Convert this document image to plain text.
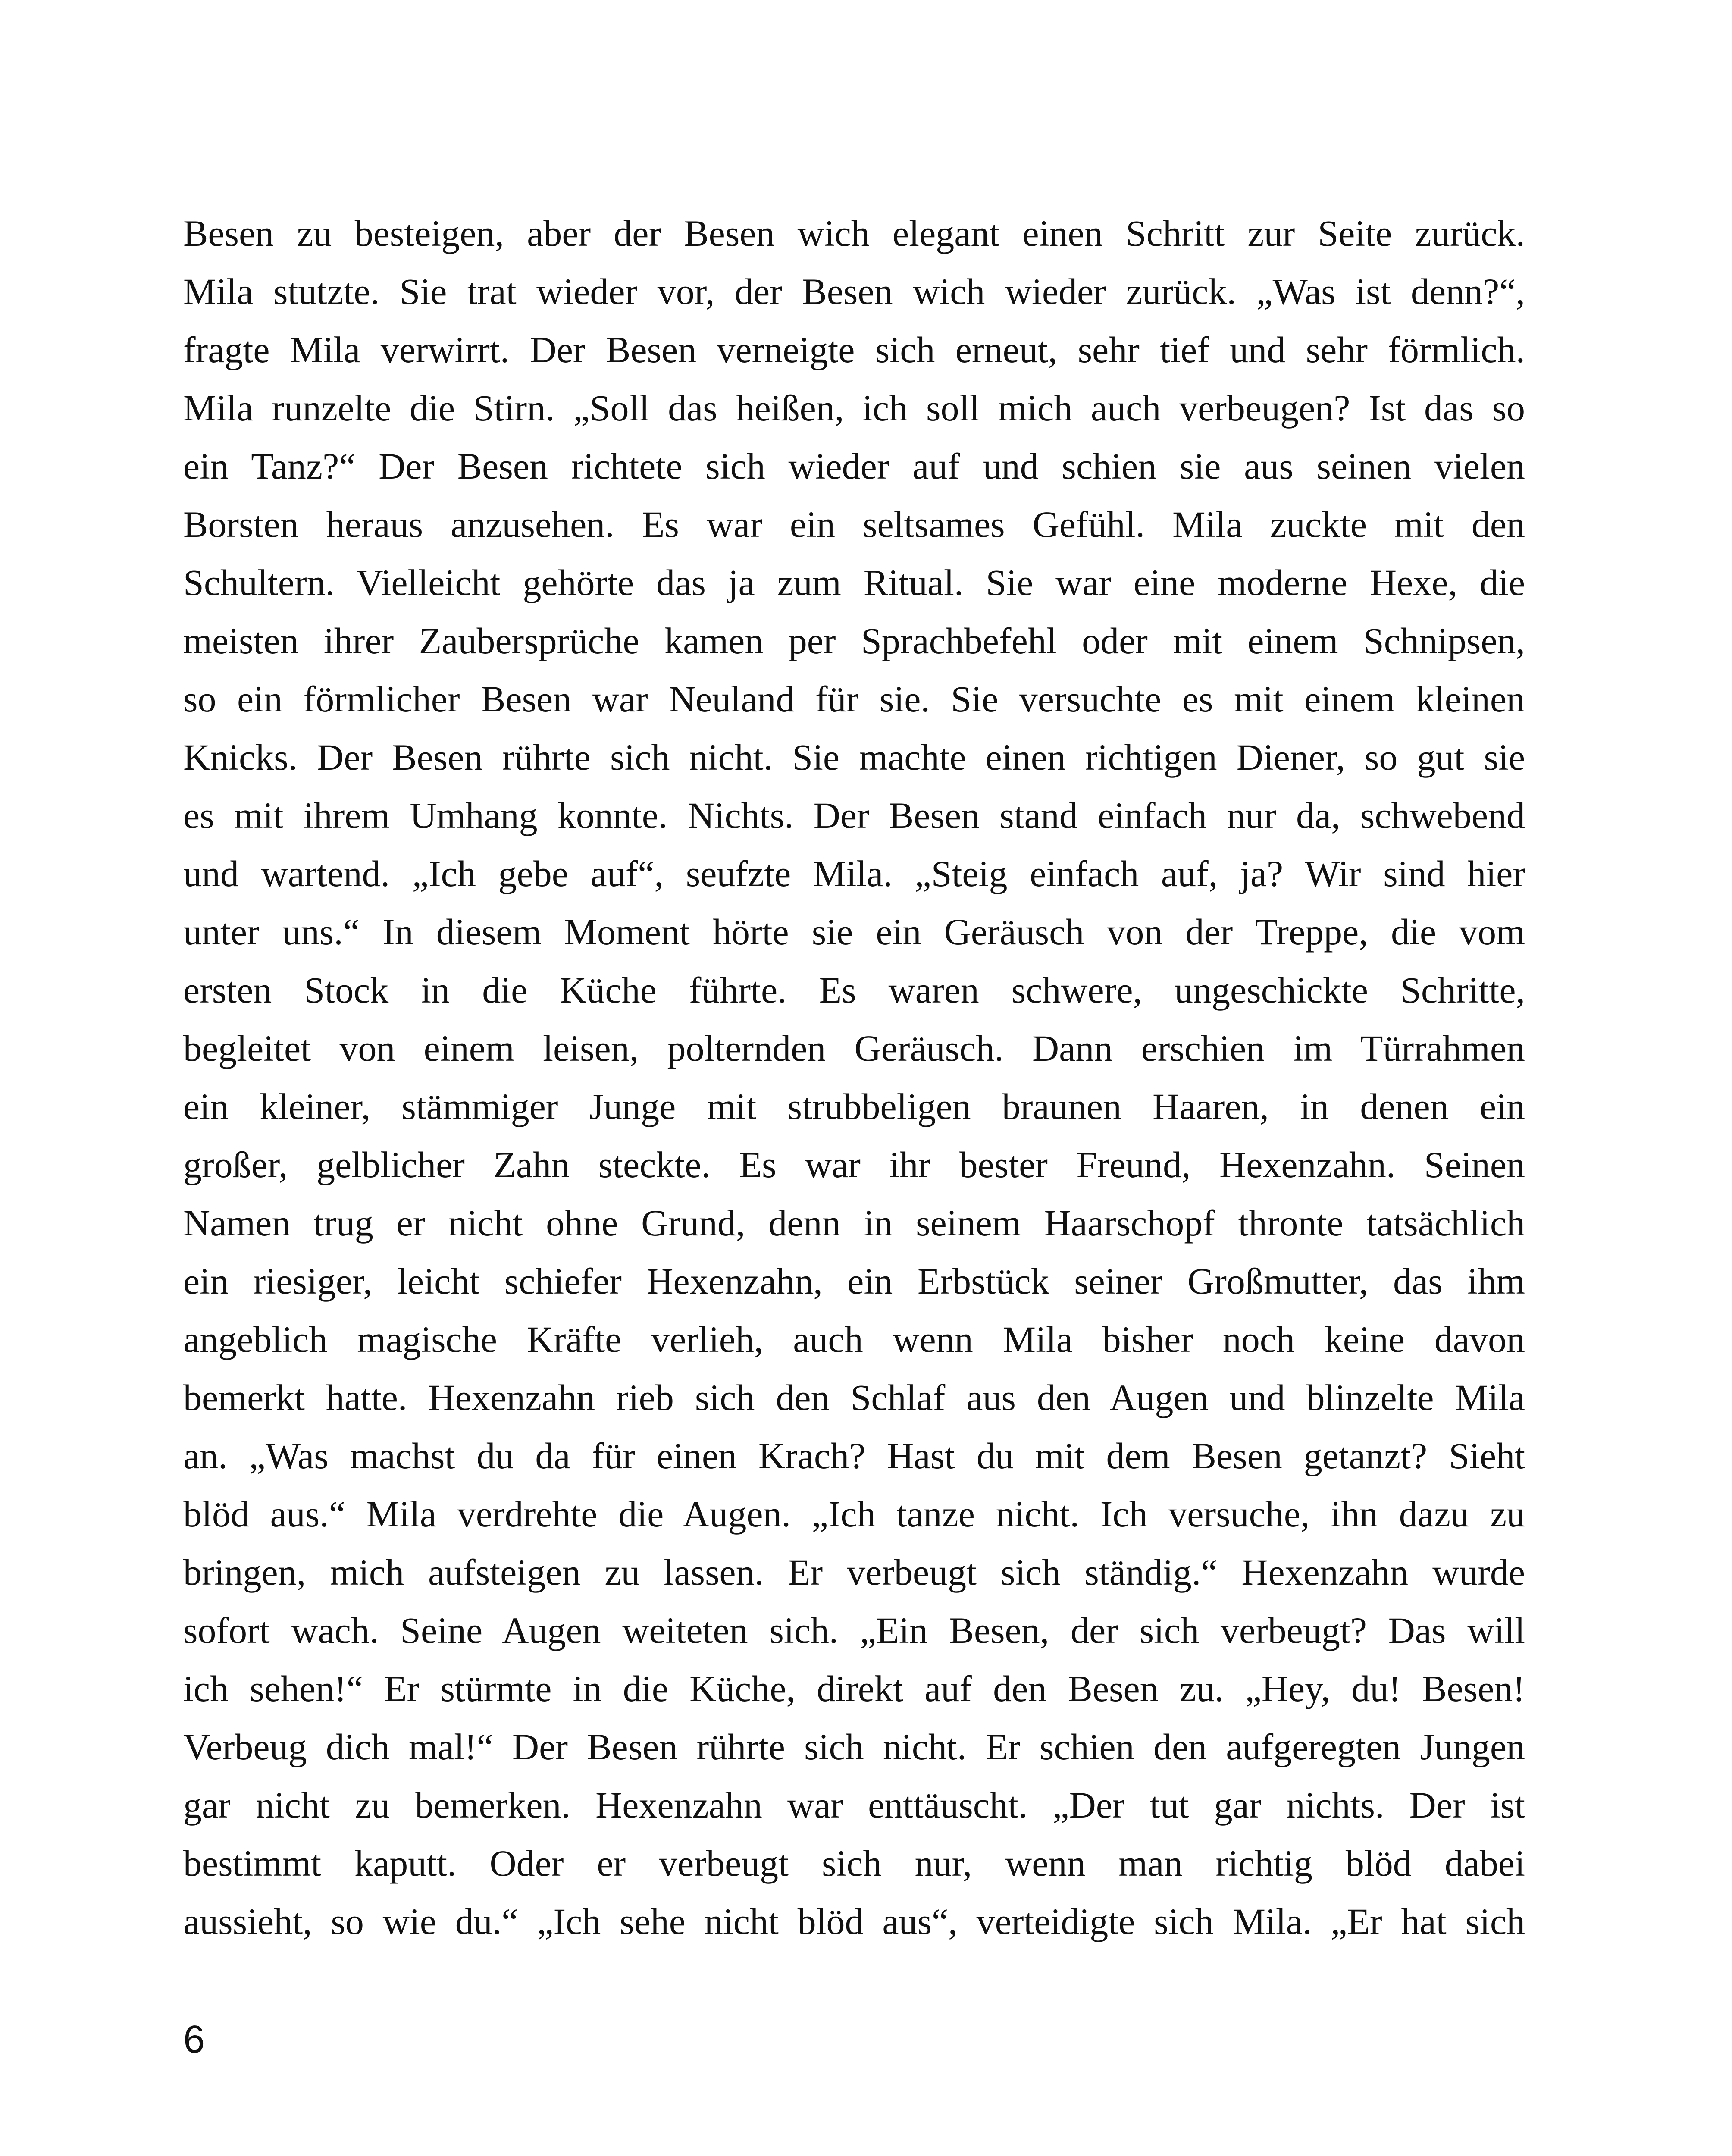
Besen zu besteigen, aber der Besen wich elegant einen Schritt zur Seite zurück.
Mila stutzte. Sie trat wieder vor, der Besen wich wieder zurück. „Was ist denn?“,
fragte Mila verwirrt. Der Besen verneigte sich erneut, sehr tief und sehr förmlich.
Mila runzelte die Stirn. „Soll das heißen, ich soll mich auch verbeugen? Ist das so
ein Tanz?“ Der Besen richtete sich wieder auf und schien sie aus seinen vielen
Borsten heraus anzusehen. Es war ein seltsames Gefühl. Mila zuckte mit den
Schultern. Vielleicht gehörte das ja zum Ritual. Sie war eine moderne Hexe, die
meisten ihrer Zaubersprüche kamen per Sprachbefehl oder mit einem Schnipsen,
so ein förmlicher Besen war Neuland für sie. Sie versuchte es mit einem kleinen
Knicks. Der Besen rührte sich nicht. Sie machte einen richtigen Diener, so gut sie
es mit ihrem Umhang konnte. Nichts. Der Besen stand einfach nur da, schwebend
und wartend. „Ich gebe auf“, seufzte Mila. „Steig einfach auf, ja? Wir sind hier
unter uns.“ In diesem Moment hörte sie ein Geräusch von der Treppe, die vom
ersten Stock in die Küche führte. Es waren schwere, ungeschickte Schritte,
begleitet von einem leisen, polternden Geräusch. Dann erschien im Türrahmen
ein kleiner, stämmiger Junge mit strubbeligen braunen Haaren, in denen ein
großer, gelblicher Zahn steckte. Es war ihr bester Freund, Hexenzahn. Seinen
Namen trug er nicht ohne Grund, denn in seinem Haarschopf thronte tatsächlich
ein riesiger, leicht schiefer Hexenzahn, ein Erbstück seiner Großmutter, das ihm
angeblich magische Kräfte verlieh, auch wenn Mila bisher noch keine davon
bemerkt hatte. Hexenzahn rieb sich den Schlaf aus den Augen und blinzelte Mila
an. „Was machst du da für einen Krach? Hast du mit dem Besen getanzt? Sieht
blöd aus.“ Mila verdrehte die Augen. „Ich tanze nicht. Ich versuche, ihn dazu zu
bringen, mich aufsteigen zu lassen. Er verbeugt sich ständig.“ Hexenzahn wurde
sofort wach. Seine Augen weiteten sich. „Ein Besen, der sich verbeugt? Das will
ich sehen!“ Er stürmte in die Küche, direkt auf den Besen zu. „Hey, du! Besen!
Verbeug dich mal!“ Der Besen rührte sich nicht. Er schien den aufgeregten Jungen
gar nicht zu bemerken. Hexenzahn war enttäuscht. „Der tut gar nichts. Der ist
bestimmt kaputt. Oder er verbeugt sich nur, wenn man richtig blöd dabei
aussieht, so wie du.“ „Ich sehe nicht blöd aus“, verteidigte sich Mila. „Er hat sich
6
